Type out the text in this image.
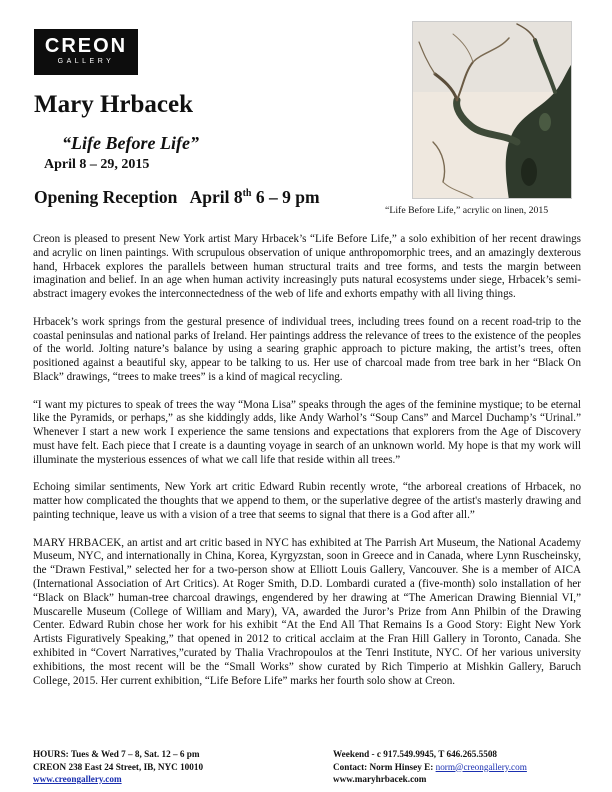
CREON
GALLERY
Mary Hrbacek
“Life Before Life”
April 8 – 29, 2015
Opening Reception April 8th 6 – 9 pm
“Life Before Life,” acrylic on linen, 2015

Creon is pleased to present New York artist Mary Hrbacek’s “Life Before Life,” a solo exhibition of her recent drawings and acrylic on linen paintings. With scrupulous observation of unique anthropomorphic trees, and an amazingly dexterous hand, Hrbacek explores the parallels between human structural traits and tree forms, and tests the margin between imagination and belief. In an age when human activity increasingly puts natural ecosystems under siege, Hrbacek’s semi-abstract imagery evokes the interconnectedness of the web of life and exhorts empathy with all living things.

Hrbacek’s work springs from the gestural presence of individual trees, including trees found on a recent road-trip to the coastal peninsulas and national parks of Ireland. Her paintings address the relevance of trees to the existence of the peoples of the world. Jolting nature’s balance by using a searing graphic approach to picture making, the artist’s trees, often positioned against a beautiful sky, appear to be talking to us. Her use of charcoal made from tree bark in her “Black On Black” drawings, “trees to make trees” is a kind of magical recycling.

“I want my pictures to speak of trees the way “Mona Lisa” speaks through the ages of the feminine mystique; to be eternal like the Pyramids, or perhaps,” as she kiddingly adds, like Andy Warhol’s “Soup Cans” and Marcel Duchamp’s “Urinal.” Whenever I start a new work I experience the same tensions and expectations that explorers from the Age of Discovery must have felt. Each piece that I create is a daunting voyage in search of an unknown world. My hope is that my work will illuminate the mysterious essences of what we call life that reside within all trees.”

Echoing similar sentiments, New York art critic Edward Rubin recently wrote, “the arboreal creations of Hrbacek, no matter how complicated the thoughts that we append to them, or the superlative degree of the artist's masterly drawing and painting technique, leave us with a vision of a tree that seems to signal that there is a God after all.”

MARY HRBACEK, an artist and art critic based in NYC has exhibited at The Parrish Art Museum, the National Academy Museum, NYC, and internationally in China, Korea, Kyrgyzstan, soon in Greece and in Canada, where Lynn Ruscheinsky, the “Drawn Festival,” selected her for a two-person show at Elliott Louis Gallery, Vancouver. She is a member of AICA (International Association of Art Critics). At Roger Smith, D.D. Lombardi curated a (five-month) solo installation of her “Black on Black” human-tree charcoal drawings, engendered by her drawing at “The American Drawing Biennial VI,” Muscarelle Museum (College of William and Mary), VA, awarded the Juror’s Prize from Ann Philbin of the Drawing Center. Edward Rubin chose her work for his exhibit “At the End All That Remains Is a Good Story: Eight New York Artists Figuratively Speaking,” that opened in 2012 to critical acclaim at the Fran Hill Gallery in Toronto, Canada. She exhibited in “Covert Narratives,”curated by Thalia Vrachropoulos at the Tenri Institute, NYC. Of her various university exhibitions, the most recent will be the “Small Works” show curated by Rich Timperio at Mishkin Gallery, Baruch College, 2015. Her current exhibition, “Life Before Life” marks her fourth solo show at Creon.

HOURS: Tues & Wed 7 – 8, Sat. 12 – 6 pm
CREON 238 East 24 Street, IB, NYC 10010
www.creongallery.com
Weekend - c 917.549.9945, T 646.265.5508
Contact: Norm Hinsey E: norm@creongallery.com
www.maryhrbacek.com
